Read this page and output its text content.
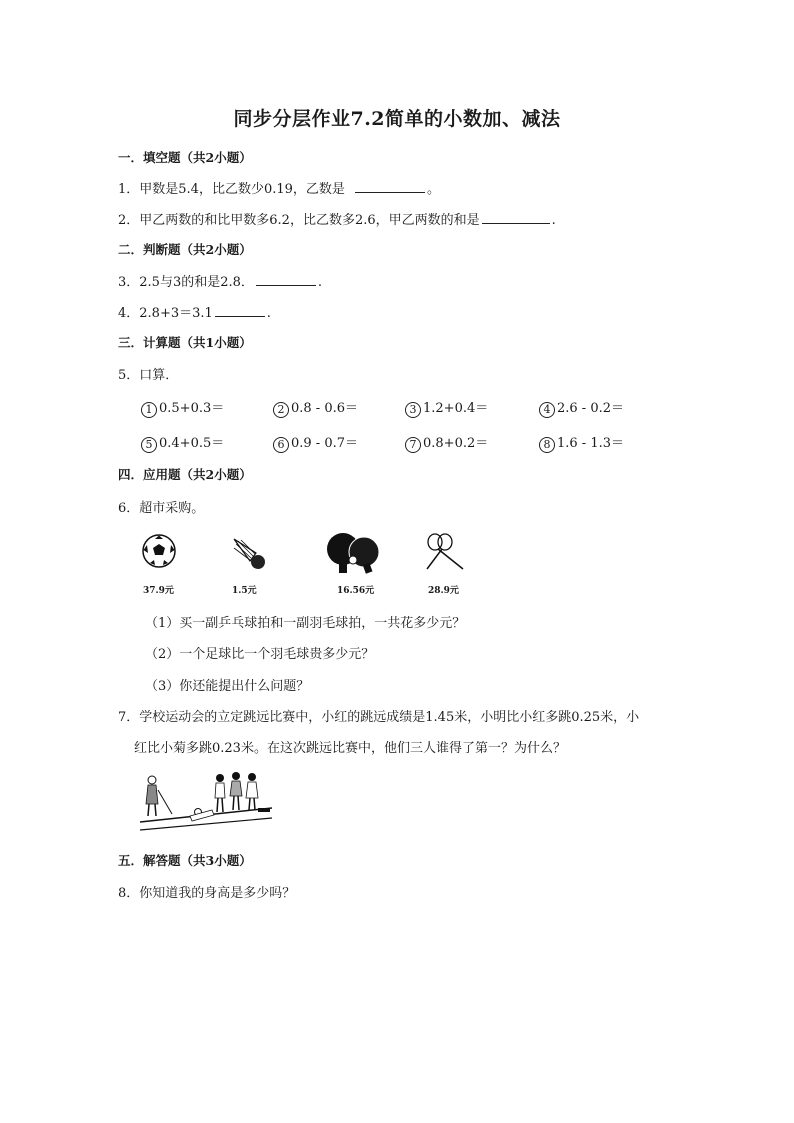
同步分层作业7.2简单的小数加、减法
一．填空题（共2小题）
1．甲数是5.4，比乙数少0.19，乙数是	。
2．甲乙两数的和比甲数多6.2，比乙数多2.6，甲乙两数的和是	.
二．判断题（共2小题）
3．2.5与3的和是2.8．	.
4．2.8+3＝3.1	.
三．计算题（共1小题）
5．口算．
1 0.5+0.3＝	2 0.8 - 0.6＝	3 1.2+0.4＝	4 2.6 - 0.2＝
5 0.4+0.5＝	6 0.9 - 0.7＝	7 0.8+0.2＝	8 1.6 - 1.3＝
四．应用题（共2小题）
6．超市采购。
37.9元	1.5元	16.56元	28.9元
（1）买一副乒乓球拍和一副羽毛球拍，一共花多少元？
（2）一个足球比一个羽毛球贵多少元？
（3）你还能提出什么问题？
7．学校运动会的立定跳远比赛中，小红的跳远成绩是1.45米，小明比小红多跳0.25米，小
红比小菊多跳0.23米。在这次跳远比赛中，他们三人谁得了第一？为什么？
五．解答题（共3小题）
8．你知道我的身高是多少吗？
